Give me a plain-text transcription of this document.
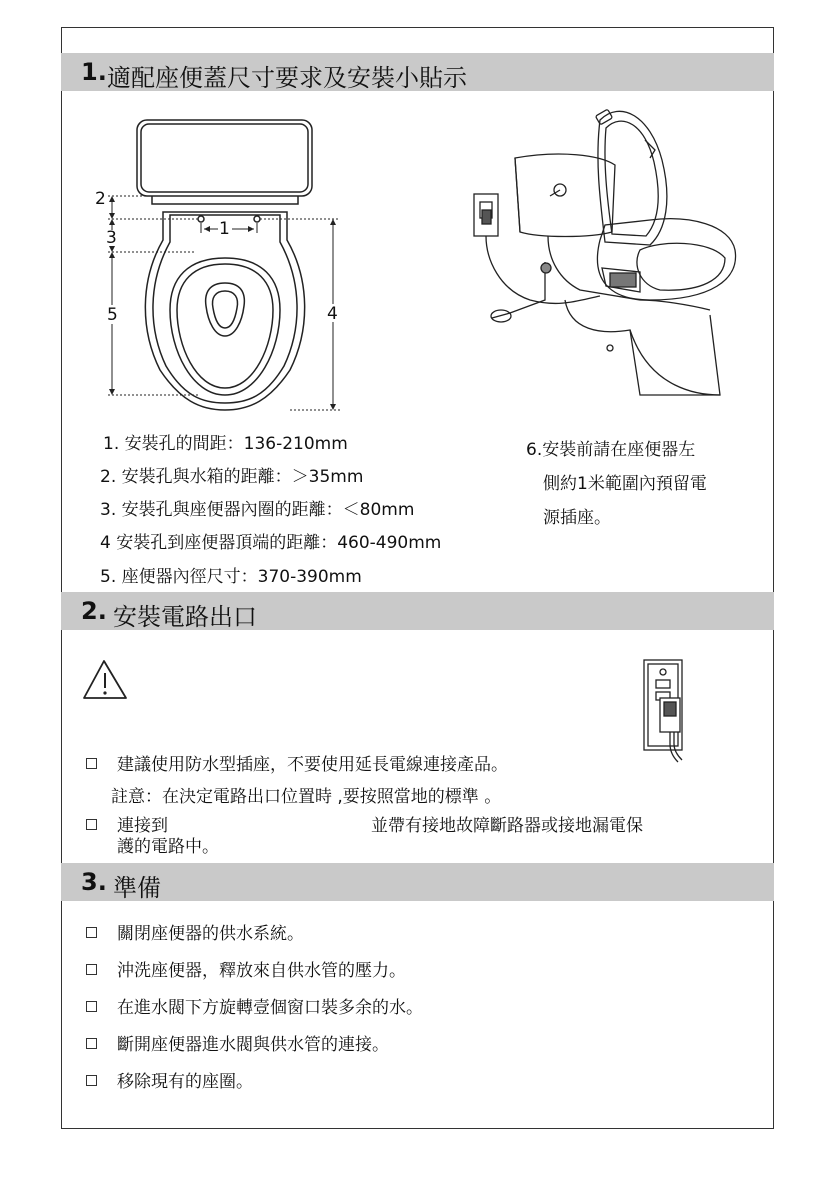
1. 適配座便蓋尺寸要求及安裝小貼示
2
3	1
5	4
1. 安裝孔的間距：136-210mm
2. 安裝孔與水箱的距離：＞35mm
3. 安裝孔與座便器內圈的距離：＜80mm
4 安裝孔到座便器頂端的距離：460-490mm
5. 座便器內徑尺寸：370-390mm
6.安裝前請在座便器左
側約1米範圍內預留電
源插座。
2. 安裝電路出口
建議使用防水型插座，不要使用延長電線連接產品。
註意：在決定電路出口位置時 ,要按照當地的標準 。
連接到	並帶有接地故障斷路器或接地漏電保
護的電路中。
3. 準備
關閉座便器的供水系統。
沖洗座便器，釋放來自供水管的壓力。
在進水閥下方旋轉壹個窗口裝多余的水。
斷開座便器進水閥與供水管的連接。
移除現有的座圈。
